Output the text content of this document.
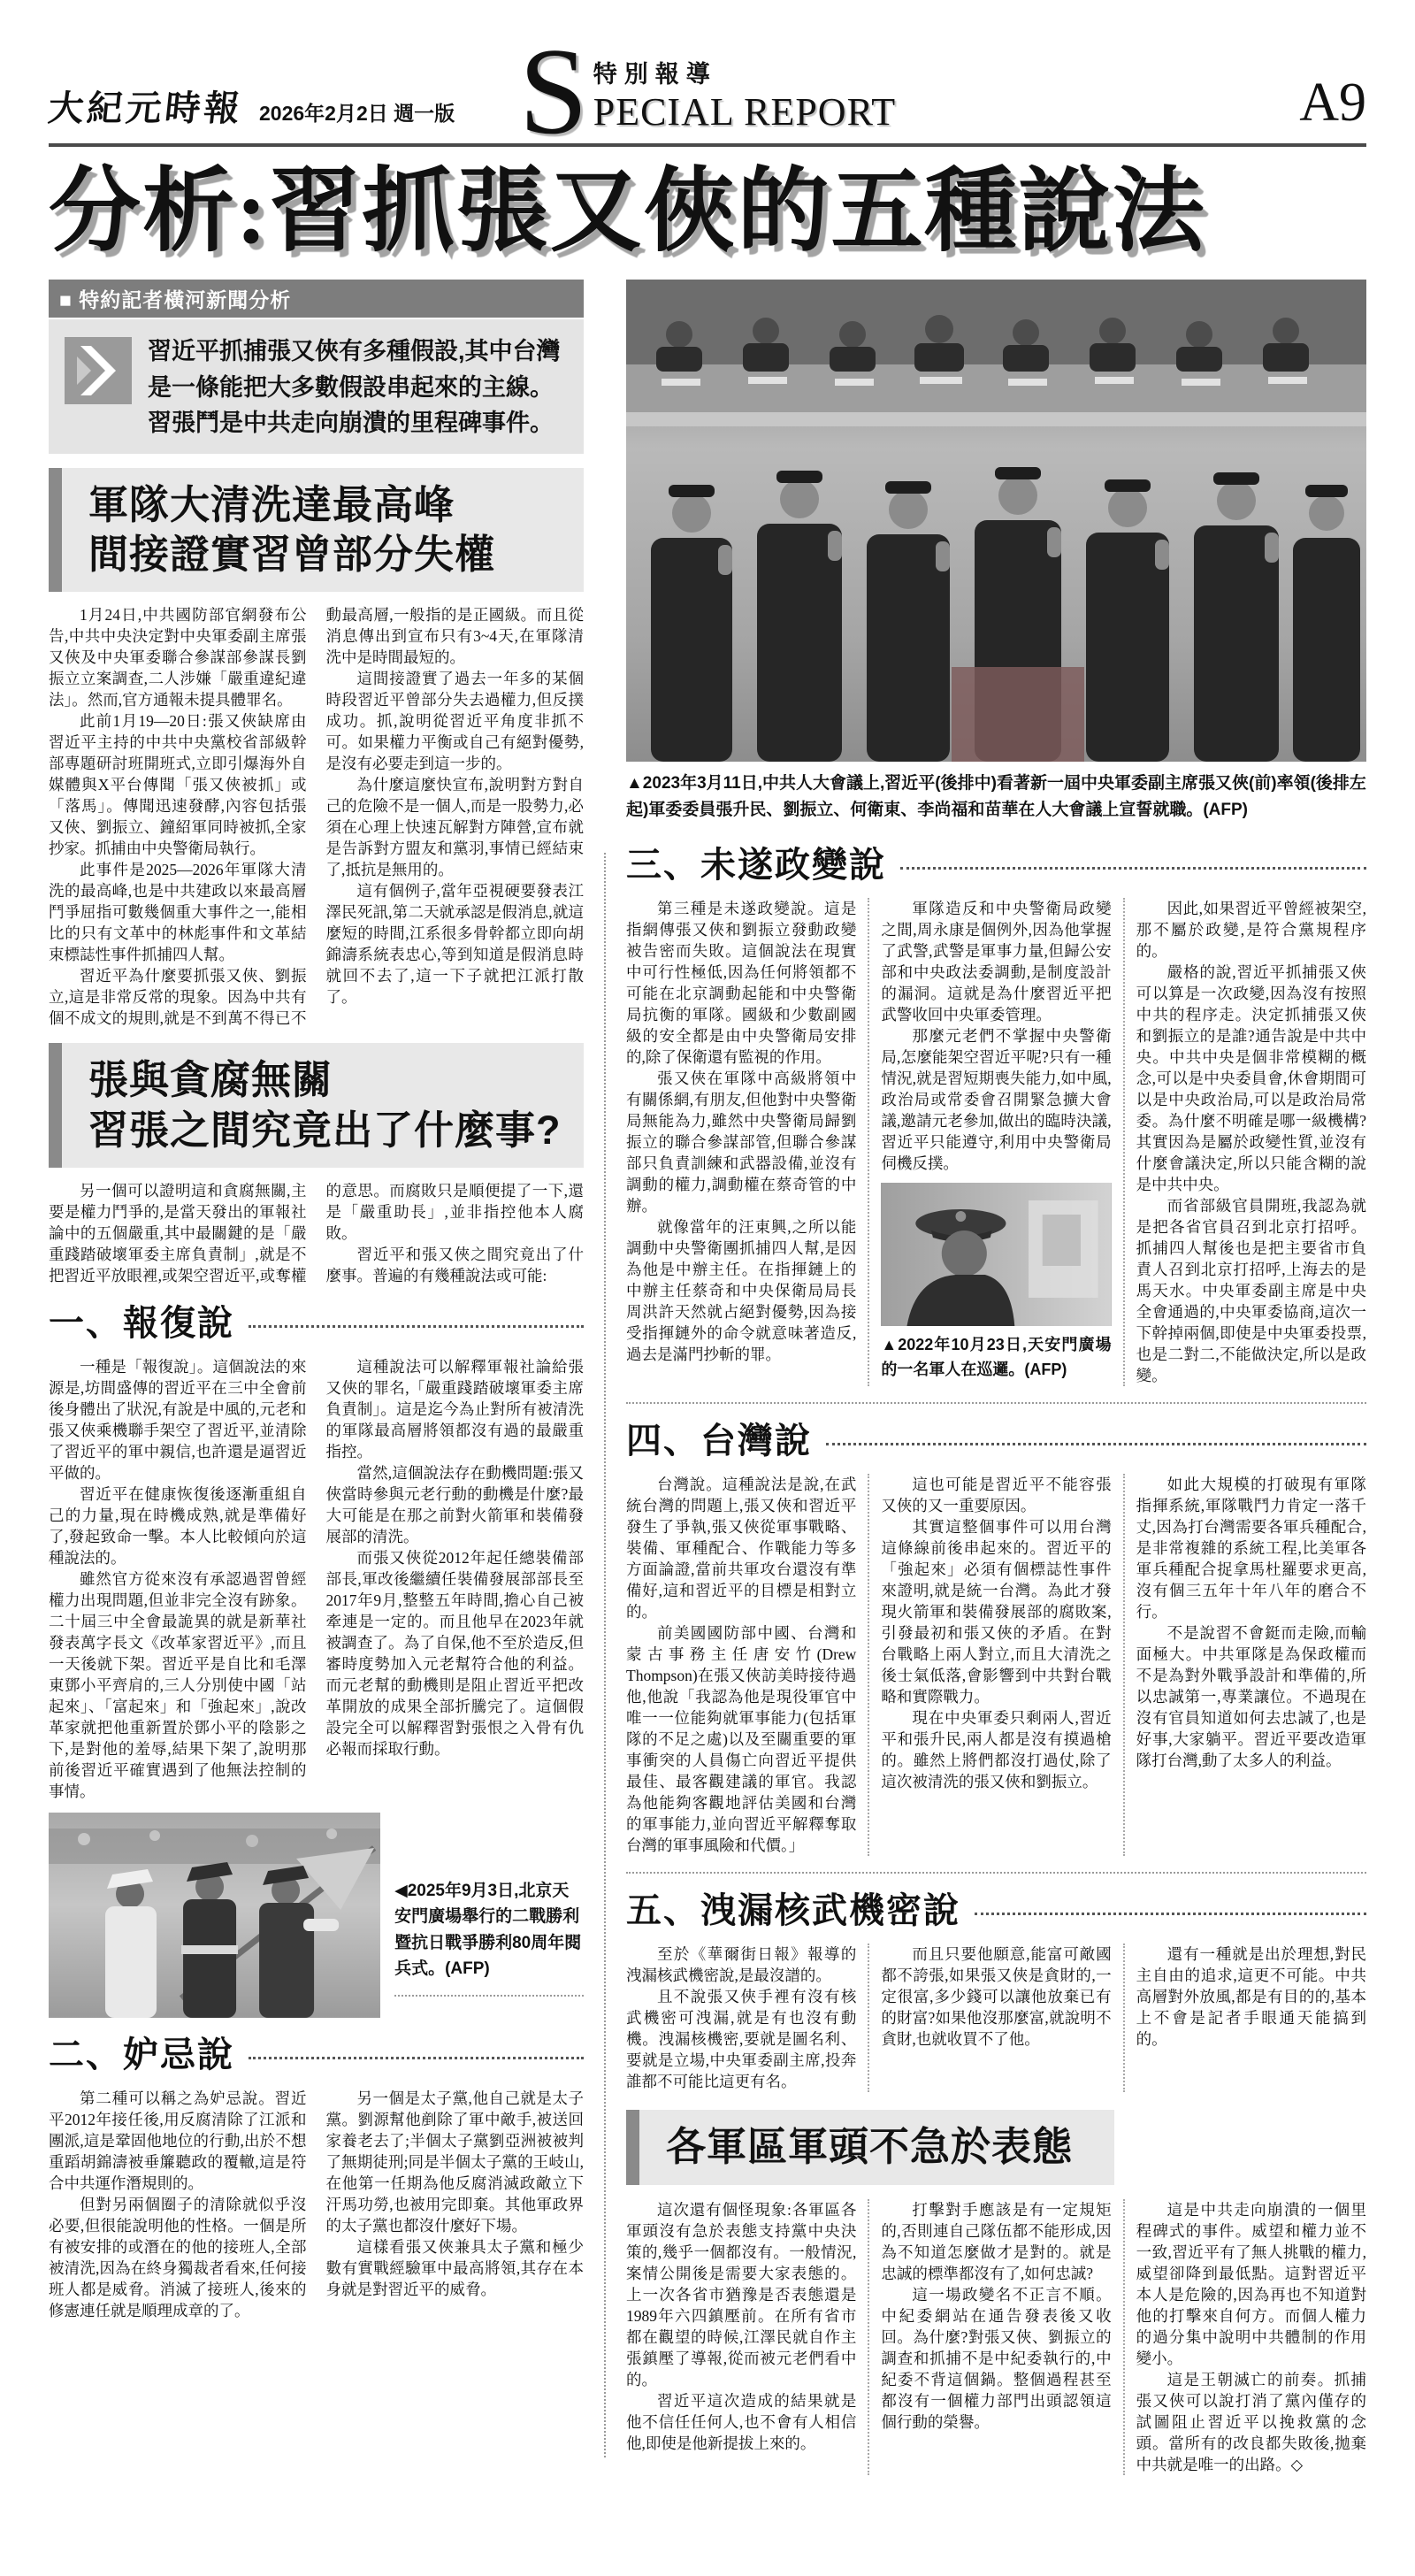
大紀元時報 2026年2月2日 週一版 S 特別報導
PECIAL REPORT	A9
分析:習抓張又俠的五種說法
■ 特約記者橫河新聞分析
習近平抓捕張又俠有多種假設,其中台灣是一條能把大多數假設串起來的主線。習張鬥是中共走向崩潰的里程碑事件。
軍隊大清洗達最高峰
間接證實習曾部分失權

1月24日,中共國防部官網發布公告,中共中央決定對中央軍委副主席張又俠及中央軍委聯合參謀部參謀長劉振立立案調查,二人涉嫌「嚴重違紀違法」。然而,官方通報未提具體罪名。

此前1月19—20日:張又俠缺席由習近平主持的中共中央黨校省部級幹部專題研討班開班式,立即引爆海外自媒體與X平台傳聞「張又俠被抓」或「落馬」。傳聞迅速發酵,內容包括張又俠、劉振立、鐘紹軍同時被抓,全家抄家。抓捕由中央警衛局執行。

此事件是2025—2026年軍隊大清洗的最高峰,也是中共建政以來最高層鬥爭屈指可數幾個重大事件之一,能相比的只有文革中的林彪事件和文革結束標誌性事件抓捕四人幫。

習近平為什麼要抓張又俠、劉振立,這是非常反常的現象。因為中共有個不成文的規則,就是不到萬不得已不動最高層,一般指的是正國級。而且從消息傳出到宣布只有3~4天,在軍隊清洗中是時間最短的。

這間接證實了過去一年多的某個時段習近平曾部分失去過權力,但反撲成功。抓,說明從習近平角度非抓不可。如果權力平衡或自己有絕對優勢,是沒有必要走到這一步的。

為什麼這麼快宣布,說明對方對自己的危險不是一個人,而是一股勢力,必須在心理上快速瓦解對方陣營,宣布就是告訴對方盟友和黨羽,事情已經結束了,抵抗是無用的。

這有個例子,當年亞視硬要發表江澤民死訊,第二天就承認是假消息,就這麼短的時間,江系很多骨幹都立即向胡錦濤系統表忠心,等到知道是假消息時就回不去了,這一下子就把江派打散了。

張與貪腐無關
習張之間究竟出了什麼事?

另一個可以證明這和貪腐無關,主要是權力鬥爭的,是當天發出的軍報社論中的五個嚴重,其中最關鍵的是「嚴重踐踏破壞軍委主席負責制」,就是不把習近平放眼裡,或架空習近平,或奪權的意思。而腐敗只是順便提了一下,還是「嚴重助長」,並非指控他本人腐敗。

習近平和張又俠之間究竟出了什麼事。普遍的有幾種說法或可能:

一、報復說

一種是「報復說」。這個說法的來源是,坊間盛傳的習近平在三中全會前後身體出了狀況,有說是中風的,元老和張又俠乘機聯手架空了習近平,並清除了習近平的軍中親信,也許還是逼習近平做的。

習近平在健康恢復後逐漸重組自己的力量,現在時機成熟,就是準備好了,發起致命一擊。本人比較傾向於這種說法的。

雖然官方從來沒有承認過習曾經權力出現問題,但並非完全沒有跡象。二十屆三中全會最詭異的就是新華社發表萬字長文《改革家習近平》,而且一天後就下架。習近平是自比和毛澤東鄧小平齊肩的,三人分別使中國「站起來」、「富起來」和「強起來」,說改革家就把他重新置於鄧小平的陰影之下,是對他的羞辱,結果下架了,說明那前後習近平確實遇到了他無法控制的事情。

這種說法可以解釋軍報社論給張又俠的罪名,「嚴重踐踏破壞軍委主席負責制」。這是迄今為止對所有被清洗的軍隊最高層將領都沒有過的最嚴重指控。

當然,這個說法存在動機問題:張又俠當時參與元老行動的動機是什麼?最大可能是在那之前對火箭軍和裝備發展部的清洗。

而張又俠從2012年起任總裝備部部長,軍改後繼續任裝備發展部部長至2017年9月,整整五年時間,擔心自己被牽連是一定的。而且他早在2023年就被調查了。為了自保,他不至於造反,但審時度勢加入元老幫符合他的利益。而元老幫的動機則是阻止習近平把改革開放的成果全部折騰完了。這個假設完全可以解釋習對張恨之入骨有仇必報而採取行動。

◀2025年9月3日,北京天安門廣場舉行的二戰勝利暨抗日戰爭勝利80周年閱兵式。(AFP)
二、妒忌說

第二種可以稱之為妒忌說。習近平2012年接任後,用反腐清除了江派和團派,這是鞏固他地位的行動,出於不想重蹈胡錦濤被垂簾聽政的覆轍,這是符合中共運作潛規則的。

但對另兩個圈子的清除就似乎沒必要,但很能說明他的性格。一個是所有被安排的或潛在的他的接班人,全部被清洗,因為在終身獨裁者看來,任何接班人都是威脅。消滅了接班人,後來的修憲連任就是順理成章的了。

另一個是太子黨,他自己就是太子黨。劉源幫他剷除了軍中敵手,被送回家養老去了;半個太子黨劉亞洲被被判了無期徒刑;同是半個太子黨的王岐山,在他第一任期為他反腐消滅政敵立下汗馬功勞,也被用完即棄。其他軍政界的太子黨也都沒什麼好下場。

這樣看張又俠兼具太子黨和極少數有實戰經驗軍中最高將領,其存在本身就是對習近平的威脅。

▲2023年3月11日,中共人大會議上,習近平(後排中)看著新一屆中央軍委副主席張又俠(前)率領(後排左起)軍委委員張升民、劉振立、何衛東、李尚福和苗華在人大會議上宣誓就職。(AFP)
三、未遂政變說

第三種是未遂政變說。這是指網傳張又俠和劉振立發動政變被告密而失敗。這個說法在現實中可行性極低,因為任何將領都不可能在北京調動起能和中央警衛局抗衡的軍隊。國級和少數副國級的安全都是由中央警衛局安排的,除了保衛還有監視的作用。

張又俠在軍隊中高級將領中有關係網,有朋友,但他對中央警衛局無能為力,雖然中央警衛局歸劉振立的聯合參謀部管,但聯合參謀部只負責訓練和武器設備,並沒有調動的權力,調動權在蔡奇管的中辦。

就像當年的汪東興,之所以能調動中央警衛團抓捕四人幫,是因為他是中辦主任。在指揮鏈上的中辦主任蔡奇和中央保衛局局長周洪許天然就占絕對優勢,因為接受指揮鏈外的命令就意味著造反,過去是滿門抄斬的罪。

軍隊造反和中央警衛局政變之間,周永康是個例外,因為他掌握了武警,武警是軍事力量,但歸公安部和中央政法委調動,是制度設計的漏洞。這就是為什麼習近平把武警收回中央軍委管理。

那麼元老們不掌握中央警衛局,怎麼能架空習近平呢?只有一種情況,就是習短期喪失能力,如中風,政治局或常委會召開緊急擴大會議,邀請元老參加,做出的臨時決議,習近平只能遵守,利用中央警衛局伺機反撲。

▲2022年10月23日,天安門廣場的一名軍人在巡邏。(AFP)

因此,如果習近平曾經被架空,那不屬於政變,是符合黨規程序的。

嚴格的說,習近平抓捕張又俠可以算是一次政變,因為沒有按照中共的程序走。決定抓捕張又俠和劉振立的是誰?通告說是中共中央。中共中央是個非常模糊的概念,可以是中央委員會,休會期間可以是中央政治局,可以是政治局常委。為什麼不明確是哪一級機構?其實因為是屬於政變性質,並沒有什麼會議決定,所以只能含糊的說是中共中央。

而省部級官員開班,我認為就是把各省官員召到北京打招呼。抓捕四人幫後也是把主要省市負責人召到北京打招呼,上海去的是馬天水。中央軍委副主席是中央全會通過的,中央軍委協商,這次一下幹掉兩個,即使是中央軍委投票,也是二對二,不能做決定,所以是政變。

四、台灣說

台灣說。這種說法是說,在武統台灣的問題上,張又俠和習近平發生了爭執,張又俠從軍事戰略、裝備、軍種配合、作戰能力等多方面論證,當前共軍攻台還沒有準備好,這和習近平的目標是相對立的。

前美國國防部中國、台灣和蒙古事務主任唐安竹(Drew Thompson)在張又俠訪美時接待過他,他說「我認為他是現役軍官中唯一一位能夠就軍事能力(包括軍隊的不足之處)以及至關重要的軍事衝突的人員傷亡向習近平提供最佳、最客觀建議的軍官。我認為他能夠客觀地評估美國和台灣的軍事能力,並向習近平解釋奪取台灣的軍事風險和代價。」

這也可能是習近平不能容張又俠的又一重要原因。

其實這整個事件可以用台灣這條線前後串起來的。習近平的「強起來」必須有個標誌性事件來證明,就是統一台灣。為此才發現火箭軍和裝備發展部的腐敗案,引發最初和張又俠的矛盾。在對台戰略上兩人對立,而且大清洗之後士氣低落,會影響到中共對台戰略和實際戰力。

現在中央軍委只剩兩人,習近平和張升民,兩人都是沒有摸過槍的。雖然上將們都沒打過仗,除了這次被清洗的張又俠和劉振立。

如此大規模的打破現有軍隊指揮系統,軍隊戰鬥力肯定一落千丈,因為打台灣需要各軍兵種配合,是非常複雜的系統工程,比美軍各軍兵種配合捉拿馬杜羅要求更高,沒有個三五年十年八年的磨合不行。

不是說習不會鋌而走險,而輸面極大。中共軍隊是為保政權而不是為對外戰爭設計和準備的,所以忠誠第一,專業讓位。不過現在沒有官員知道如何去忠誠了,也是好事,大家躺平。習近平要改造軍隊打台灣,動了太多人的利益。

五、洩漏核武機密說

至於《華爾街日報》報導的洩漏核武機密說,是最沒譜的。

且不說張又俠手裡有沒有核武機密可洩漏,就是有也沒有動機。洩漏核機密,要就是圖名利、要就是立場,中央軍委副主席,投奔誰都不可能比這更有名。

而且只要他願意,能富可敵國都不誇張,如果張又俠是貪財的,一定很富,多少錢可以讓他放棄已有的財富?如果他沒那麼富,就說明不貪財,也就收買不了他。

還有一種就是出於理想,對民主自由的追求,這更不可能。中共高層對外放風,都是有目的的,基本上不會是記者手眼通天能搞到的。

各軍區軍頭不急於表態

這次還有個怪現象:各軍區各軍頭沒有急於表態支持黨中央決策的,幾乎一個都沒有。一般情況,案情公開後是需要大家表態的。上一次各省市猶豫是否表態還是1989年六四鎮壓前。在所有省市都在觀望的時候,江澤民就自作主張鎮壓了導報,從而被元老們看中的。

習近平這次造成的結果就是他不信任任何人,也不會有人相信他,即使是他新提拔上來的。

打擊對手應該是有一定規矩的,否則連自己隊伍都不能形成,因為不知道怎麼做才是對的。就是忠誠的標準都沒有了,如何忠誠?

這一場政變名不正言不順。中紀委網站在通告發表後又收回。為什麼?對張又俠、劉振立的調查和抓捕不是中紀委執行的,中紀委不背這個鍋。整個過程甚至都沒有一個權力部門出頭認領這個行動的榮譽。

這是中共走向崩潰的一個里程碑式的事件。威望和權力並不一致,習近平有了無人挑戰的權力,威望卻降到最低點。這對習近平本人是危險的,因為再也不知道對他的打擊來自何方。而個人權力的過分集中說明中共體制的作用變小。

這是王朝滅亡的前奏。抓捕張又俠可以說打消了黨內僅存的試圖阻止習近平以挽救黨的念頭。當所有的改良都失敗後,拋棄中共就是唯一的出路。◇
